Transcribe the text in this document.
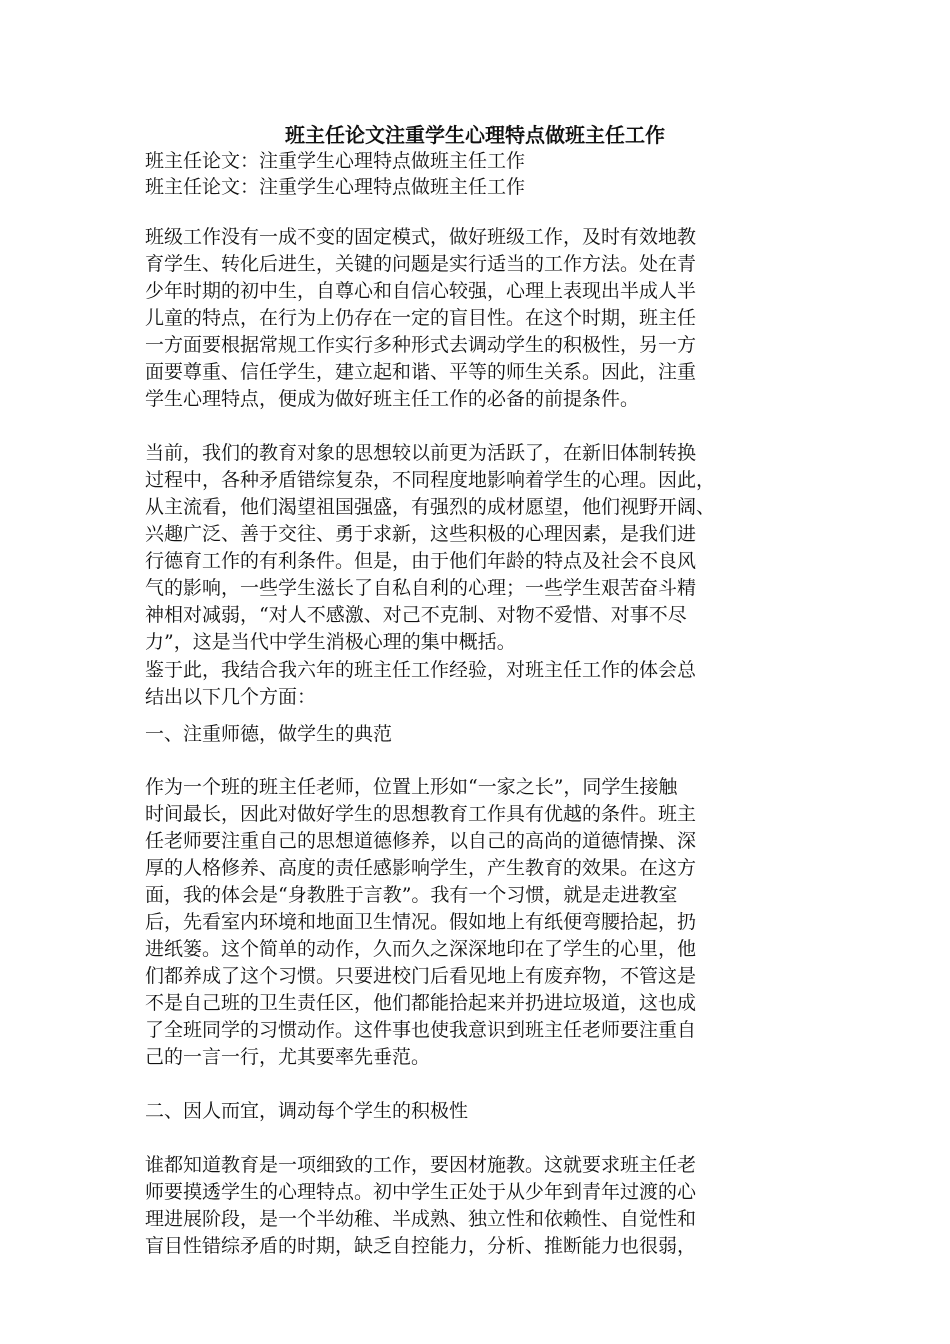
班主任论文注重学生心理特点做班主任工作

班主任论文：注重学生心理特点做班主任工作

班主任论文：注重学生心理特点做班主任工作

班级工作没有一成不变的固定模式，做好班级工作，及时有效地教

育学生、转化后进生，关键的问题是实行适当的工作方法。处在青

少年时期的初中生，自尊心和自信心较强，心理上表现出半成人半

儿童的特点，在行为上仍存在一定的盲目性。在这个时期，班主任

一方面要根据常规工作实行多种形式去调动学生的积极性，另一方

面要尊重、信任学生，建立起和谐、平等的师生关系。因此，注重

学生心理特点，便成为做好班主任工作的必备的前提条件。

当前，我们的教育对象的思想较以前更为活跃了，在新旧体制转换

过程中，各种矛盾错综复杂，不同程度地影响着学生的心理。因此，

从主流看，他们渴望祖国强盛，有强烈的成材愿望，他们视野开阔、

兴趣广泛、善于交往、勇于求新，这些积极的心理因素，是我们进

行德育工作的有利条件。但是，由于他们年龄的特点及社会不良风

气的影响，一些学生滋长了自私自利的心理；一些学生艰苦奋斗精

神相对减弱，“对人不感激、对己不克制、对物不爱惜、对事不尽

力”，这是当代中学生消极心理的集中概括。

鉴于此，我结合我六年的班主任工作经验，对班主任工作的体会总

结出以下几个方面：

一、注重师德，做学生的典范

作为一个班的班主任老师，位置上形如“一家之长”，同学生接触

时间最长，因此对做好学生的思想教育工作具有优越的条件。班主

任老师要注重自己的思想道德修养，以自己的高尚的道德情操、深

厚的人格修养、高度的责任感影响学生，产生教育的效果。在这方

面，我的体会是“身教胜于言教”。我有一个习惯，就是走进教室

后，先看室内环境和地面卫生情况。假如地上有纸便弯腰拾起，扔

进纸篓。这个简单的动作，久而久之深深地印在了学生的心里，他

们都养成了这个习惯。只要进校门后看见地上有废弃物，不管这是

不是自己班的卫生责任区，他们都能拾起来并扔进垃圾道，这也成

了全班同学的习惯动作。这件事也使我意识到班主任老师要注重自

己的一言一行，尤其要率先垂范。

二、因人而宜，调动每个学生的积极性

谁都知道教育是一项细致的工作，要因材施教。这就要求班主任老

师要摸透学生的心理特点。初中学生正处于从少年到青年过渡的心

理进展阶段，是一个半幼稚、半成熟、独立性和依赖性、自觉性和

盲目性错综矛盾的时期，缺乏自控能力，分析、推断能力也很弱，
